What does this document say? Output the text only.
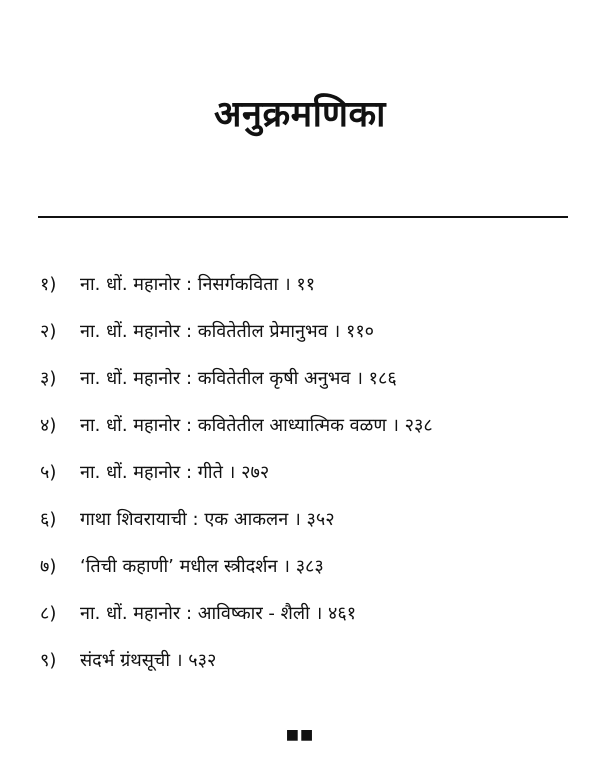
अनुक्रमणिका
१)	ना. धों. महानोर : निसर्गकविता । ११
२)	ना. धों. महानोर : कवितेतील प्रेमानुभव । ११०
३)	ना. धों. महानोर : कवितेतील कृषी अनुभव । १८६
४)	ना. धों. महानोर : कवितेतील आध्यात्मिक वळण । २३८
५)	ना. धों. महानोर : गीते । २७२
६)	गाथा शिवरायाची : एक आकलन । ३५२
७)	‘तिची कहाणी’ मधील स्त्रीदर्शन । ३८३
८)	ना. धों. महानोर : आविष्कार - शैली । ४६१
९)	संदर्भ ग्रंथसूची । ५३२
■■
